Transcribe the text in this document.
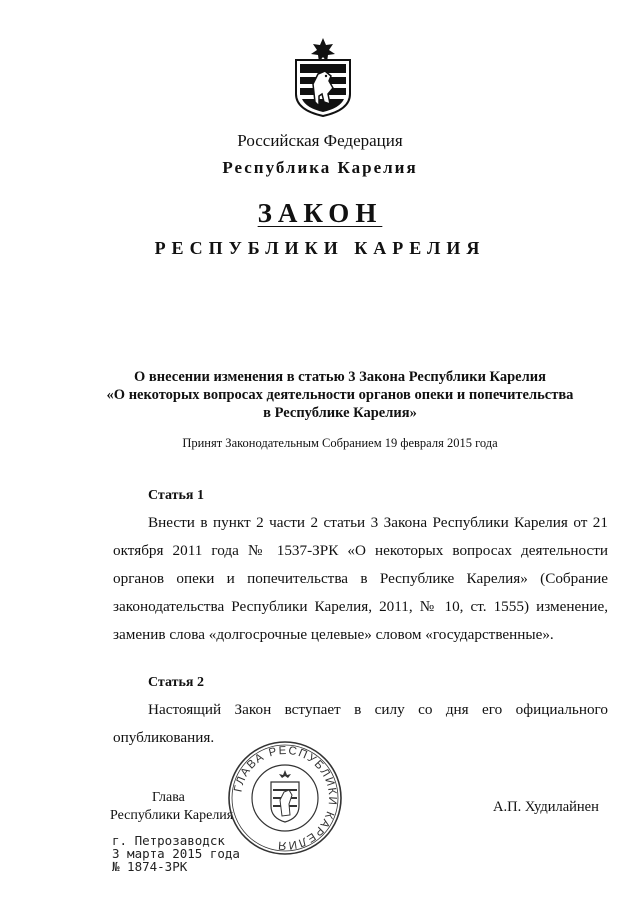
Российская Федерация
Республика Карелия
ЗАКОН
РЕСПУБЛИКИ КАРЕЛИЯ
О внесении изменения в статью 3 Закона Республики Карелия
«О некоторых вопросах деятельности органов опеки и попечительства
в Республике Карелия»
Принят Законодательным Собранием 19 февраля 2015 года
Статья 1

Внести в пункт 2 части 2 статьи 3 Закона Республики Карелия от 21 октября 2011 года № 1537-ЗРК «О некоторых вопросах деятельности органов опеки и попечительства в Республике Карелия» (Собрание законодательства Республики Карелия, 2011, № 10, ст. 1555) изменение, заменив слова «долгосрочные целевые» словом «государственные».

Статья 2

Настоящий Закон вступает в силу со дня его официального опубликования.

Глава
Республики Карелия
ГЛАВА РЕСПУБЛИКИ КАРЕЛИЯ
А.П. Худилайнен
г. Петрозаводск
3 марта 2015 года
№ 1874-ЗРК
